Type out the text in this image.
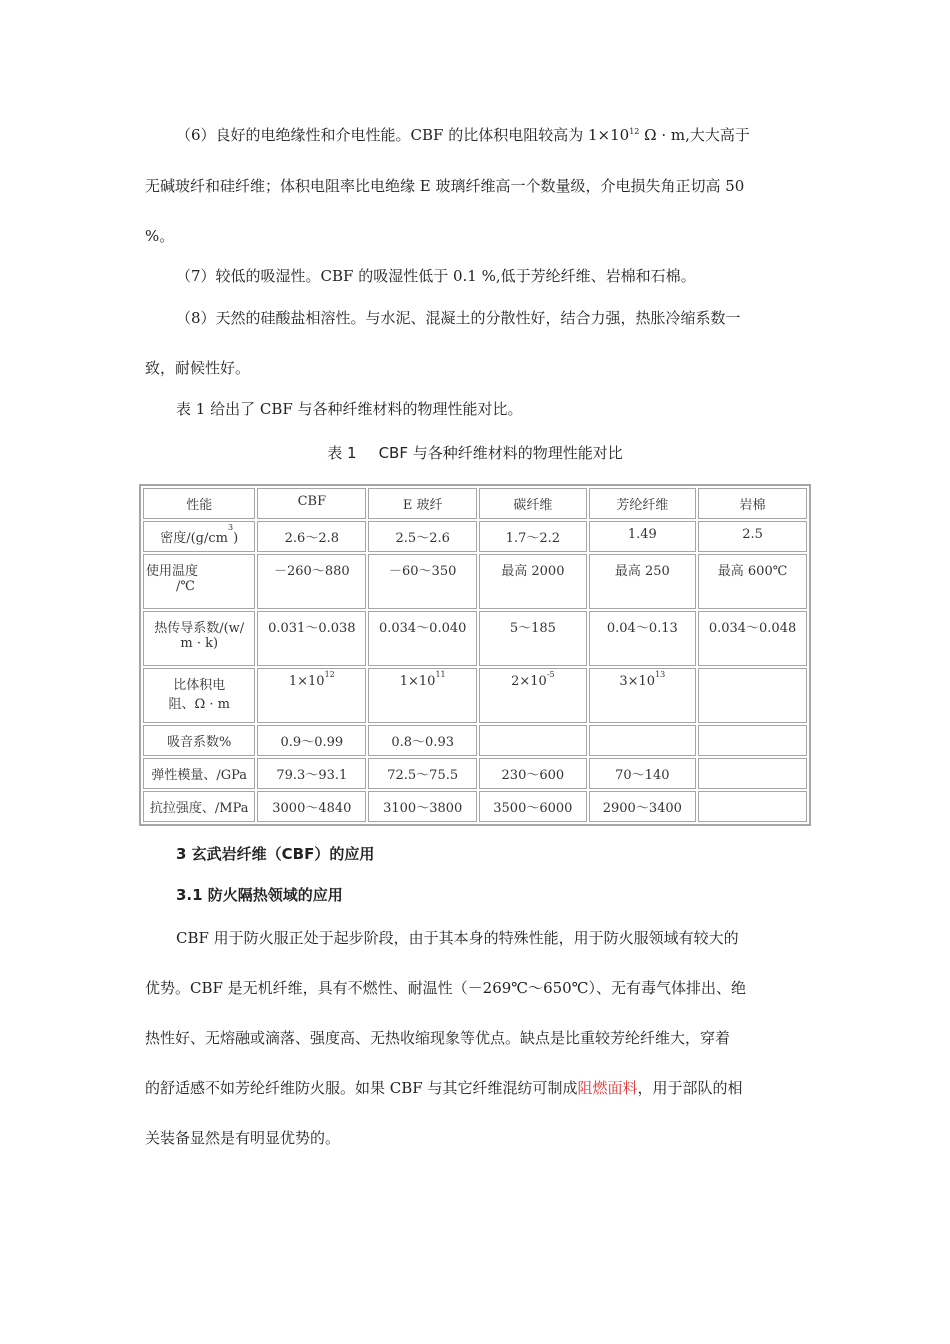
（6）良好的电绝缘性和介电性能。CBF 的比体积电阻较高为 $1\times 10^{12}$ Ω · m,大大高于

无碱玻纤和硅纤维；体积电阻率比电绝缘 E 玻璃纤维高一个数量级，介电损失角正切高 50

%。

（7）较低的吸湿性。CBF 的吸湿性低于 0.1 %,低于芳纶纤维、岩棉和石棉。

（8）天然的硅酸盐相溶性。与水泥、混凝土的分散性好，结合力强，热胀冷缩系数一

致，耐候性好。

表 1 给出了 CBF 与各种纤维材料的物理性能对比。

表 1 CBF 与各种纤维材料的物理性能对比
性能	CBF	E 玻纤	碳纤维	芳纶纤维	岩棉
密度$/(g/cm^3)$	2.6～2.8	2.5～2.6	1.7～2.2	1.49	2.5
使用温度
/℃	－260～880	－60～350	最高 2000	最高 250	最高 600℃
热传导系数/(w/
m · k)	0.031～0.038	0.034～0.040	5～185	0.04～0.13	0.034～0.048
比体积电
阻、Ω · m	$1\times 10^{12}$	$1\times 10^{11}$	$2\times 10^{-5}$	$3\times 10^{13}$	
吸音系数%	0.9～0.99	0.8～0.93			
弹性模量、/GPa	79.3～93.1	72.5～75.5	230～600	70～140	
抗拉强度、/MPa	3000～4840	3100～3800	3500～6000	2900～3400	
3 玄武岩纤维（CBF）的应用
3.1 防火隔热领域的应用

CBF 用于防火服正处于起步阶段，由于其本身的特殊性能，用于防火服领域有较大的

优势。CBF 是无机纤维，具有不燃性、耐温性（－269℃～650℃）、无有毒气体排出、绝

热性好、无熔融或滴落、强度高、无热收缩现象等优点。缺点是比重较芳纶纤维大，穿着

的舒适感不如芳纶纤维防火服。如果 CBF 与其它纤维混纺可制成阻燃面料，用于部队的相

关装备显然是有明显优势的。
